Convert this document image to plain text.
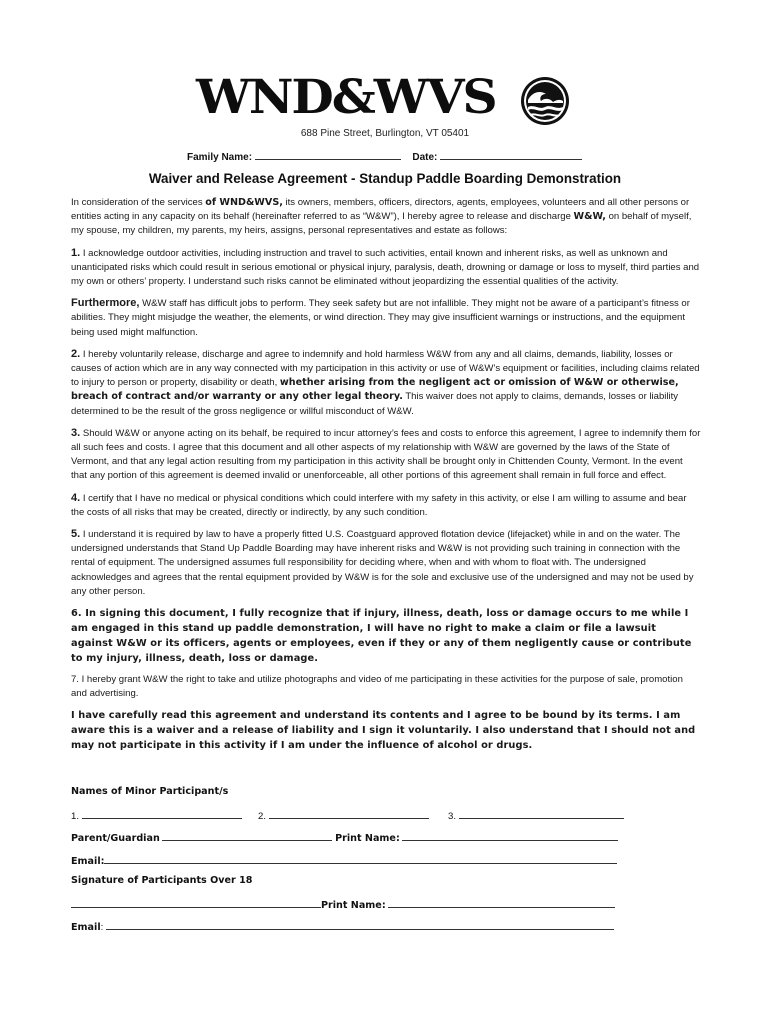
WND&WVS
688 Pine Street, Burlington, VT 05401
Family Name:	Date:
Waiver and Release Agreement - Standup Paddle Boarding Demonstration

In consideration of the services of WND&WVS, its owners, members, officers, directors, agents, employees, volunteers and all other persons or entities acting in any capacity on its behalf (hereinafter referred to as “W&W”), I hereby agree to release and discharge W&W, on behalf of myself, my spouse, my children, my parents, my heirs, assigns, personal representatives and estate as follows:

1. I acknowledge outdoor activities, including instruction and travel to such activities, entail known and inherent risks, as well as unknown and unanticipated risks which could result in serious emotional or physical injury, paralysis, death, drowning or damage or loss to myself, third parties and my own or others’ property. I understand such risks cannot be eliminated without jeopardizing the essential qualities of the activity.

Furthermore, W&W staff has difficult jobs to perform. They seek safety but are not infallible. They might not be aware of a participant’s fitness or abilities. They might misjudge the weather, the elements, or wind direction. They may give insufficient warnings or instructions, and the equipment being used might malfunction.

2. I hereby voluntarily release, discharge and agree to indemnify and hold harmless W&W from any and all claims, demands, liability, losses or causes of action which are in any way connected with my participation in this activity or use of W&W’s equipment or facilities, including claims related to injury to person or property, disability or death, whether arising from the negligent act or omission of W&W or otherwise, breach of contract and/or warranty or any other legal theory. This waiver does not apply to claims, demands, losses or liability determined to be the result of the gross negligence or willful misconduct of W&W.

3. Should W&W or anyone acting on its behalf, be required to incur attorney’s fees and costs to enforce this agreement, I agree to indemnify them for all such fees and costs. I agree that this document and all other aspects of my relationship with W&W are governed by the laws of the State of Vermont, and that any legal action resulting from my participation in this activity shall be brought only in Chittenden County, Vermont. In the event that any portion of this agreement is deemed invalid or unenforceable, all other portions of this agreement shall remain in full force and effect.

4. I certify that I have no medical or physical conditions which could interfere with my safety in this activity, or else I am willing to assume and bear the costs of all risks that may be created, directly or indirectly, by any such condition.

5. I understand it is required by law to have a properly fitted U.S. Coastguard approved flotation device (lifejacket) while in and on the water. The undersigned understands that Stand Up Paddle Boarding may have inherent risks and W&W is not providing such training in connection with the rental of equipment. The undersigned assumes full responsibility for deciding where, when and with whom to float with. The undersigned acknowledges and agrees that the rental equipment provided by W&W is for the sole and exclusive use of the undersigned and may not be used by any other person.

6. In signing this document, I fully recognize that if injury, illness, death, loss or damage occurs to me while I am engaged in this stand up paddle demonstration, I will have no right to make a claim or file a lawsuit against W&W or its officers, agents or employees, even if they or any of them negligently cause or contribute to my injury, illness, death, loss or damage.

7. I hereby grant W&W the right to take and utilize photographs and video of me participating in these activities for the purpose of sale, promotion and advertising.

I have carefully read this agreement and understand its contents and I agree to be bound by its terms. I am aware this is a waiver and a release of liability and I sign it voluntarily. I also understand that I should not and may not participate in this activity if I am under the influence of alcohol or drugs.

Names of Minor Participant/s
1.	2.	3.
Parent/Guardian	Print Name:
Email:
Signature of Participants Over 18
Print Name:
Email:
